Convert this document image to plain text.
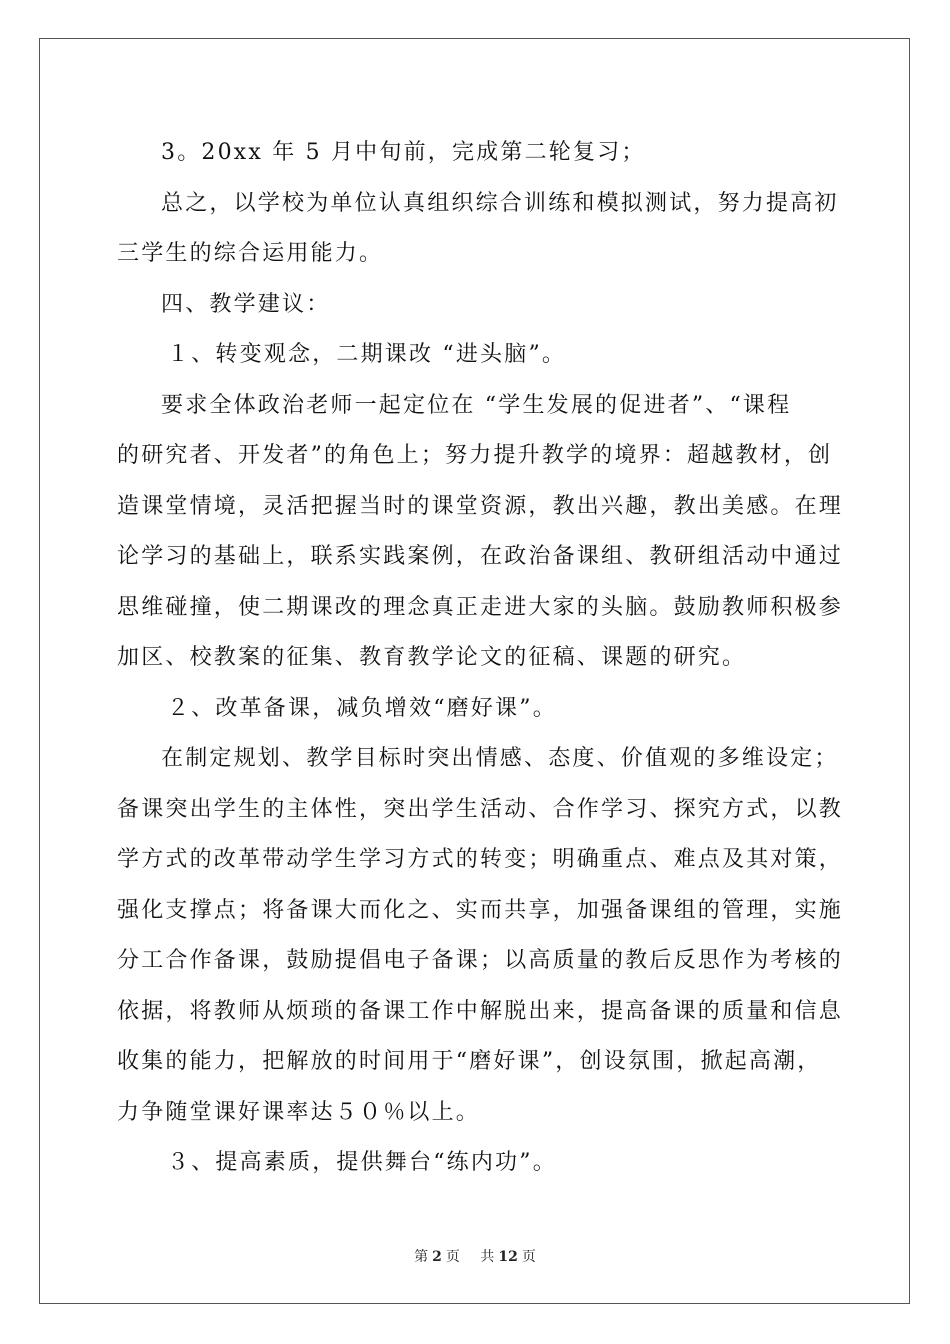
3。20xx 年 5 月中旬前，完成第二轮复习；
总之，以学校为单位认真组织综合训练和模拟测试，努力提高初
三学生的综合运用能力。
四、教学建议：
１、转变观念，二期课改 “进头脑”。
要求全体政治老师一起定位在 “学生发展的促进者”、“课程
的研究者、开发者”的角色上；努力提升教学的境界：超越教材，创
造课堂情境，灵活把握当时的课堂资源，教出兴趣，教出美感。在理
论学习的基础上，联系实践案例，在政治备课组、教研组活动中通过
思维碰撞，使二期课改的理念真正走进大家的头脑。鼓励教师积极参
加区、校教案的征集、教育教学论文的征稿、课题的研究。
２、改革备课，减负增效“磨好课”。
在制定规划、教学目标时突出情感、态度、价值观的多维设定；
备课突出学生的主体性，突出学生活动、合作学习、探究方式，以教
学方式的改革带动学生学习方式的转变；明确重点、难点及其对策，
强化支撑点；将备课大而化之、实而共享，加强备课组的管理，实施
分工合作备课，鼓励提倡电子备课；以高质量的教后反思作为考核的
依据，将教师从烦琐的备课工作中解脱出来，提高备课的质量和信息
收集的能力，把解放的时间用于“磨好课”，创设氛围，掀起高潮，
力争随堂课好课率达５０％以上。
３、提高素质，提供舞台“练内功”。
第 2 页 共 12 页
